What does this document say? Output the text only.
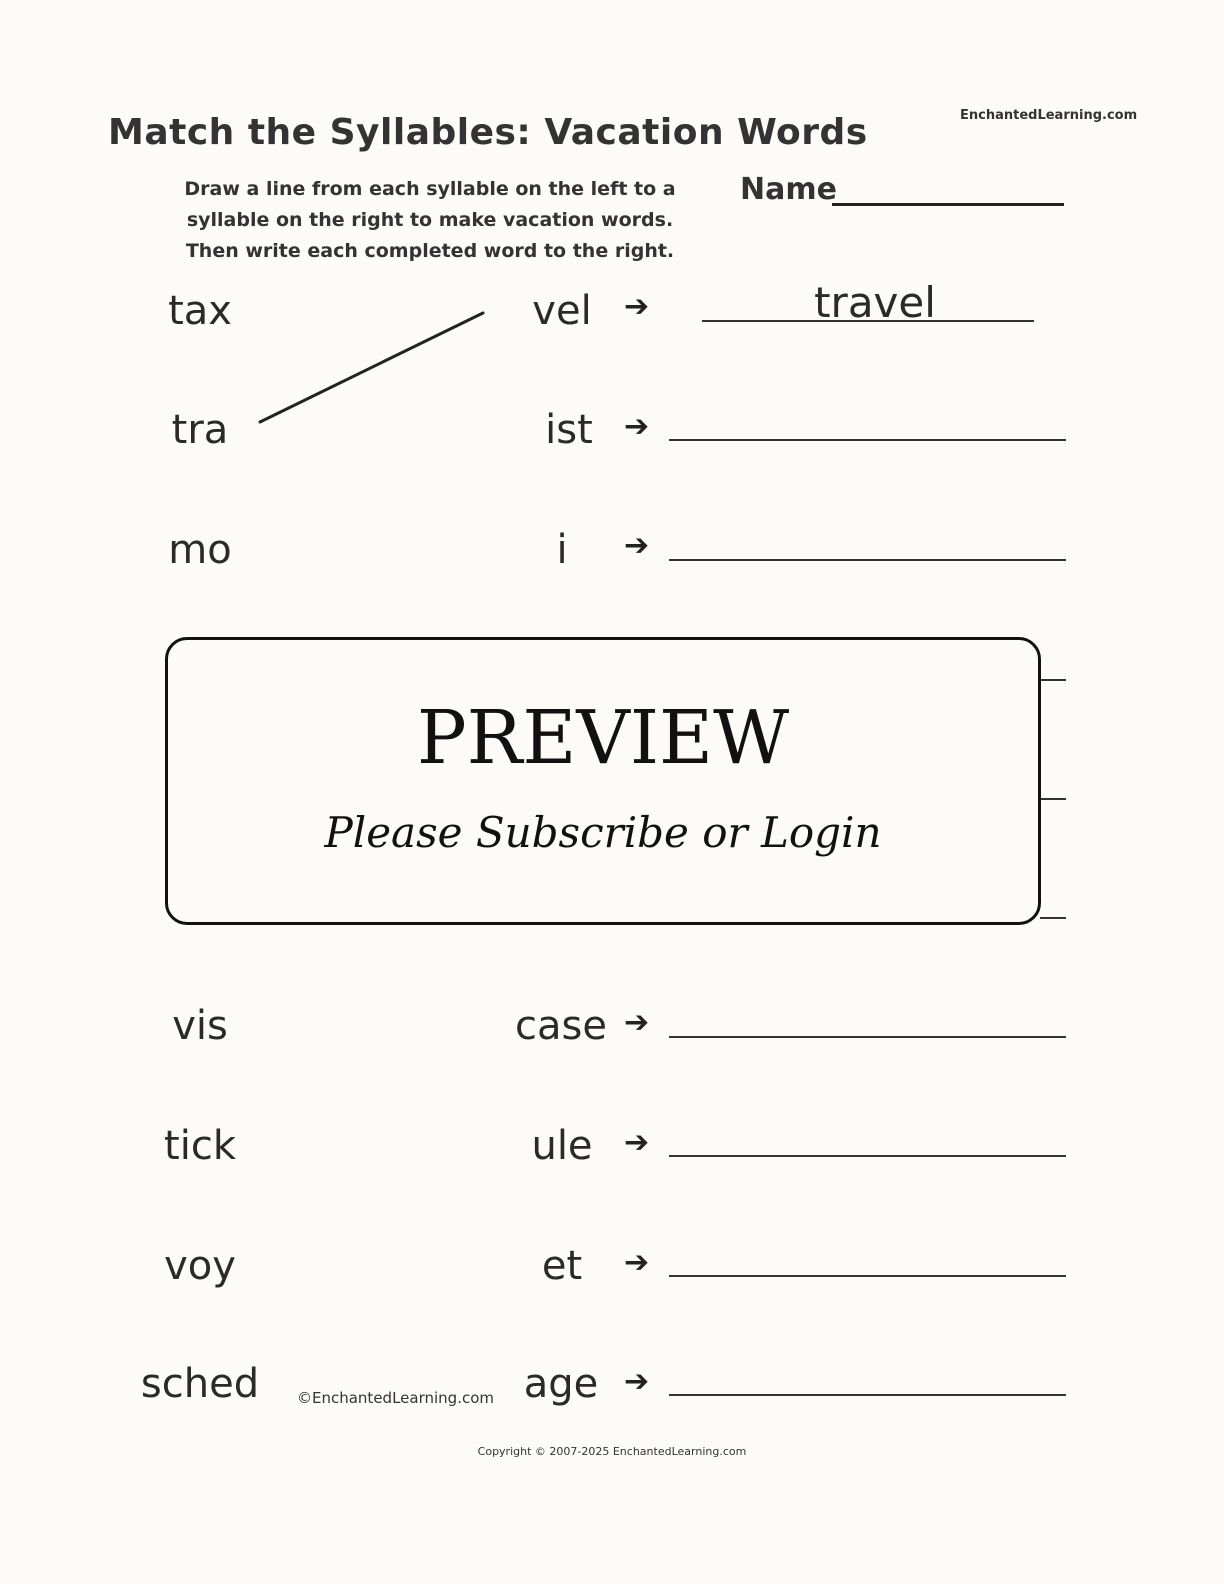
Match the Syllables: Vacation Words	EnchantedLearning.com
Draw a line from each syllable on the left to a
syllable on the right to make vacation words.
Then write each completed word to the right.
Name
tax
tra
mo
vis
tick
voy
sched
vel
ist
i
case
ule
et
age
➔
➔
➔
➔
➔
➔
➔
travel
PREVIEW
Please Subscribe or Login
©EnchantedLearning.com
Copyright © 2007-2025 EnchantedLearning.com
